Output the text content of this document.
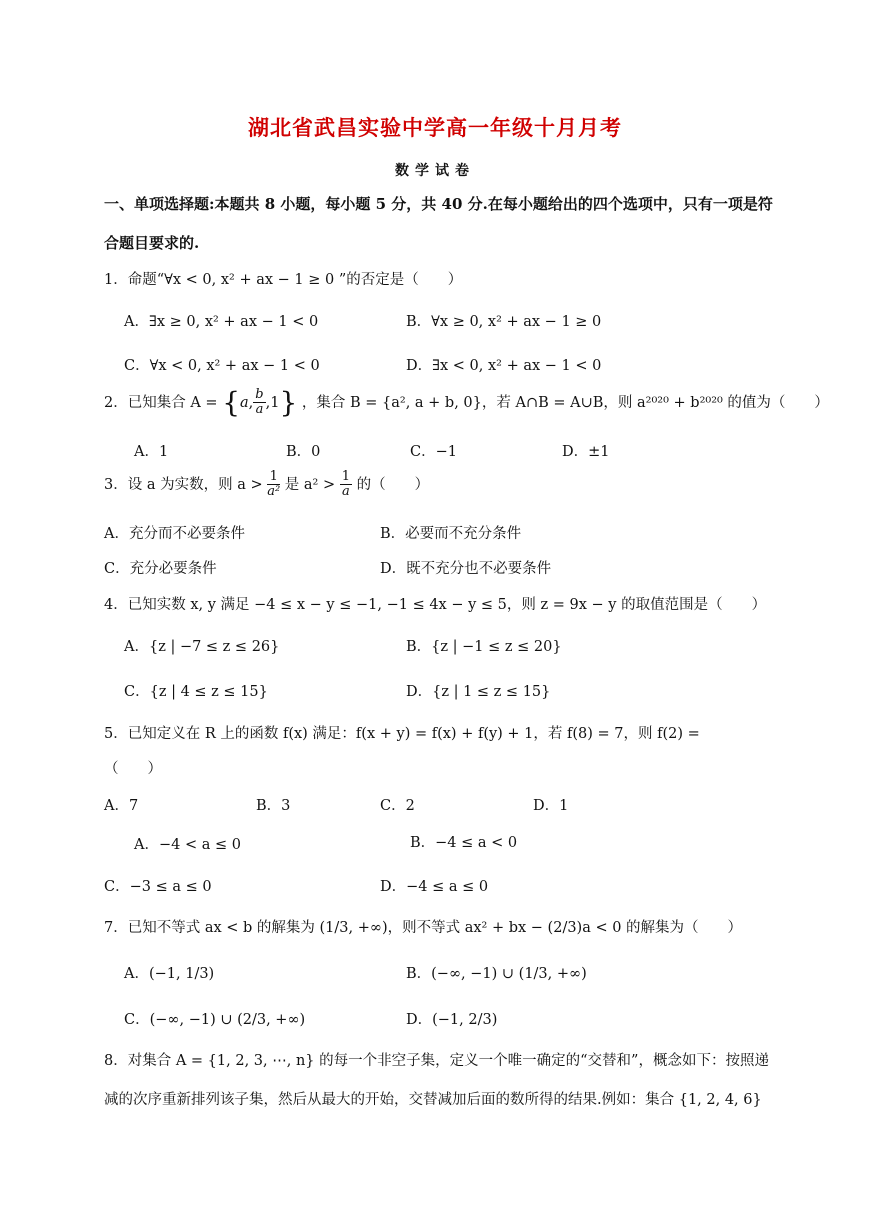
湖北省武昌实验中学高一年级十月月考
数学试卷
一、单项选择题:本题共 8 小题，每小题 5 分，共 40 分.在每小题给出的四个选项中，只有一项是符
合题目要求的.
1．命题“∀x < 0, x² + ax − 1 ≥ 0 ”的否定是（　　）
A．∃x ≥ 0, x² + ax − 1 < 0	B．∀x ≥ 0, x² + ax − 1 ≥ 0
C．∀x < 0, x² + ax − 1 < 0	D．∃x < 0, x² + ax − 1 < 0
2．已知集合 A = {a, $\frac{b}{a} ,1$} ，集合 B = {a², a + b, 0}，若 A∩B = A∪B，则 a²⁰²⁰ + b²⁰²⁰ 的值为（　　）
A．1	B．0	C．−1	D．±1
3．设 a 为实数，则 $a > \frac{1}{\text{a²}}$ 是 $a^2 > \frac{1}{a}$ 的（　　）
A．充分而不必要条件	B．必要而不充分条件
C．充分必要条件	D．既不充分也不必要条件
4．已知实数 x, y 满足 −4 ≤ x − y ≤ −1, −1 ≤ 4x − y ≤ 5，则 z = 9x − y 的取值范围是（　　）
A．{z | −7 ≤ z ≤ 26}	B．{z | −1 ≤ z ≤ 20}
C．{z | 4 ≤ z ≤ 15}	D．{z | 1 ≤ z ≤ 15}
5．已知定义在 R 上的函数 f(x) 满足：f(x + y) = f(x) + f(y) + 1，若 f(8) = 7，则 f(2) =
（　　）
A．7	B．3	C．2	D．1
A．−4 < a ≤ 0	B．−4 ≤ a < 0
C．−3 ≤ a ≤ 0	D．−4 ≤ a ≤ 0
7．已知不等式 ax < b 的解集为 (1/3, +∞)，则不等式 ax² + bx − (2/3)a < 0 的解集为（　　）
A．(−1, 1/3)	B．(−∞, −1) ∪ (1/3, +∞)
C．(−∞, −1) ∪ (2/3, +∞)	D．(−1, 2/3)
8．对集合 A = {1, 2, 3, ⋯, n} 的每一个非空子集，定义一个唯一确定的“交替和”，概念如下：按照递
减的次序重新排列该子集，然后从最大的开始，交替减加后面的数所得的结果.例如：集合 {1, 2, 4, 6}
